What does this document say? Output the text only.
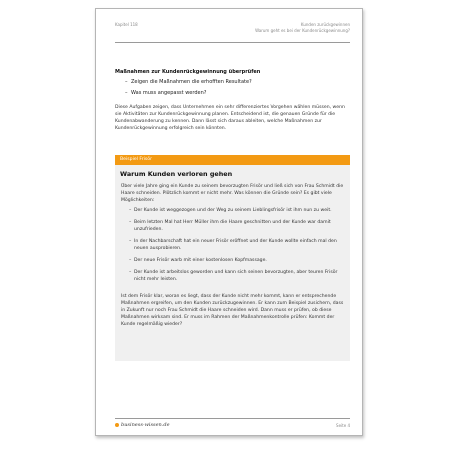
Kapitel 118	Kunden zurückgewinnen
Warum geht es bei der Kundenrückgewinnung?
Maßnahmen zur Kundenrückgewinnung überprüfen
– Zeigen die Maßnahmen die erhofften Resultate?
– Was muss angepasst werden?

Diese Aufgaben zeigen, dass Unternehmen ein sehr differenziertes Vorgehen wählen müssen, wenn sie Aktivitäten zur Kundenrückgewinnung planen. Entscheidend ist, die genauen Gründe für die Kundenabwanderung zu kennen. Dann lässt sich daraus ableiten, welche Maßnahmen zur Kundenrückgewinnung erfolgreich sein könnten.

Beispiel Frisör
Warum Kunden verloren gehen

Über viele Jahre ging ein Kunde zu seinem bevorzugten Frisör und ließ sich von Frau Schmidt die Haare schneiden. Plötzlich kommt er nicht mehr. Was können die Gründe sein? Es gibt viele Möglichkeiten:

– Der Kunde ist weggezogen und der Weg zu seinem Lieblingsfrisör ist ihm nun zu weit.
– Beim letzten Mal hat Herr Müller ihm die Haare geschnitten und der Kunde war damit unzufrieden.
– In der Nachbarschaft hat ein neuer Frisör eröffnet und der Kunde wollte einfach mal den neuen ausprobieren.
– Der neue Frisör warb mit einer kostenlosen Kopfmassage.
– Der Kunde ist arbeitslos geworden und kann sich seinen bevorzugten, aber teuren Frisör nicht mehr leisten.

Ist dem Frisör klar, woran es liegt, dass der Kunde nicht mehr kommt, kann er entsprechende Maßnahmen ergreifen, um den Kunden zurückzugewinnen. Er kann zum Beispiel zusichern, dass in Zukunft nur noch Frau Schmidt die Haare schneiden wird. Dann muss er prüfen, ob diese Maßnahmen wirksam sind. Er muss im Rahmen der Maßnahmenkontrolle prüfen: Kommt der Kunde regelmäßig wieder?

business-wissen.de	Seite 4
